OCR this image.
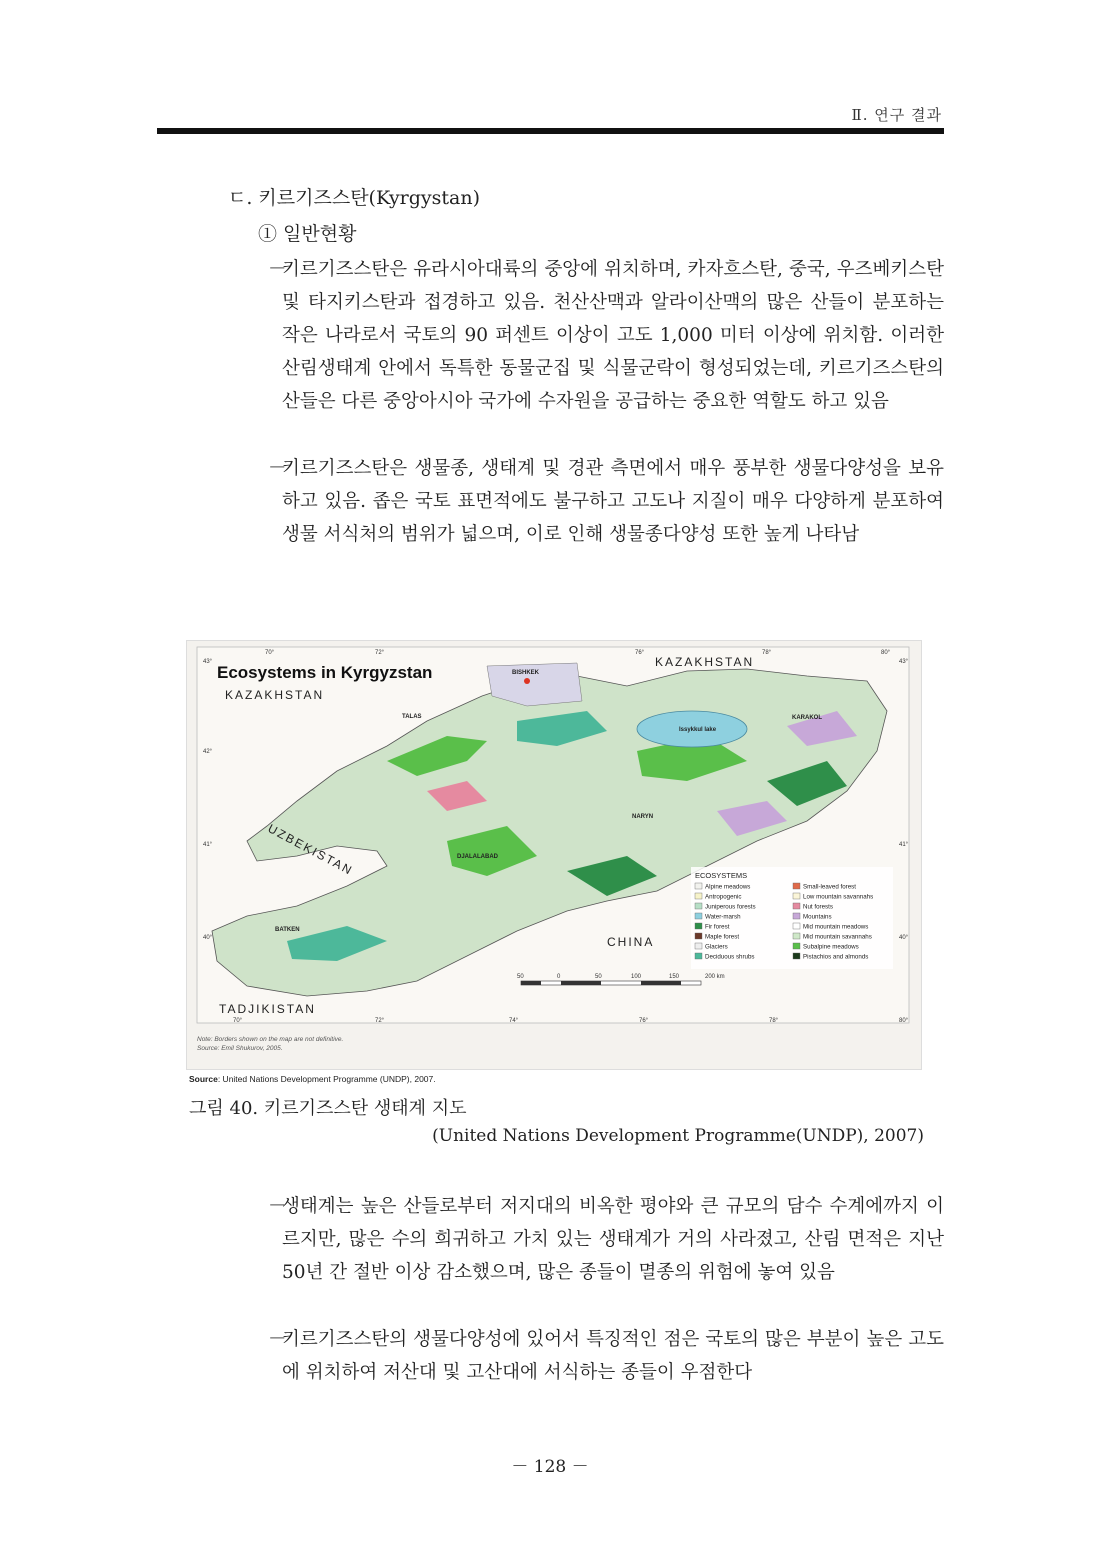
Ⅱ. 연구 결과
ㄷ. 키르기즈스탄(Kyrgystan)
① 일반현황
－
키르기즈스탄은 유라시아대륙의 중앙에 위치하며, 카자흐스탄, 중국, 우즈베키스탄 및 타지키스탄과 접경하고 있음. 천산산맥과 알라이산맥의 많은 산들이 분포하는 작은 나라로서 국토의 90 퍼센트 이상이 고도 1,000 미터 이상에 위치함. 이러한 산림생태계 안에서 독특한 동물군집 및 식물군락이 형성되었는데, 키르기즈스탄의 산들은 다른 중앙아시아 국가에 수자원을 공급하는 중요한 역할도 하고 있음
－
키르기즈스탄은 생물종, 생태계 및 경관 측면에서 매우 풍부한 생물다양성을 보유하고 있음. 좁은 국토 표면적에도 불구하고 고도나 지질이 매우 다양하게 분포하여 생물 서식처의 범위가 넓으며, 이로 인해 생물종다양성 또한 높게 나타남
Ecosystems in Kyrgyzstan
KAZAKHSTAN
KAZAKHSTAN
UZBEKISTAN
TADJIKISTAN
CHINA
BISHKEK
TALAS	KARAKOL
NARYN
DJALALABAD
BATKEN
Issykkul lake
43°
42°
41°
40°
43°
41°
40°
70°	72°	76°	78°	80°
70°	72°	74°	76°	78°	80°
ECOSYSTEMS
Alpine meadows
Antropogenic
Juniperous forests
Water-marsh
Fir forest
Maple forest
Glaciers
Deciduous shrubs
Small-leaved forest
Low mountain savannahs
Nut forests
Mountains
Mid mountain meadows
Mid mountain savannahs
Subalpine meadows
Pistachios and almonds
50	0	50	100	150	200 km
Note: Borders shown on the map are not definitive.
Source: Emil Shukurov, 2005.
Source: United Nations Development Programme (UNDP), 2007.
그림 40. 키르기즈스탄 생태계 지도
(United Nations Development Programme(UNDP), 2007)
－
생태계는 높은 산들로부터 저지대의 비옥한 평야와 큰 규모의 담수 수계에까지 이르지만, 많은 수의 희귀하고 가치 있는 생태계가 거의 사라졌고, 산림 면적은 지난 50년 간 절반 이상 감소했으며, 많은 종들이 멸종의 위험에 놓여 있음
－
키르기즈스탄의 생물다양성에 있어서 특징적인 점은 국토의 많은 부분이 높은 고도에 위치하여 저산대 및 고산대에 서식하는 종들이 우점한다
－ 128 －
